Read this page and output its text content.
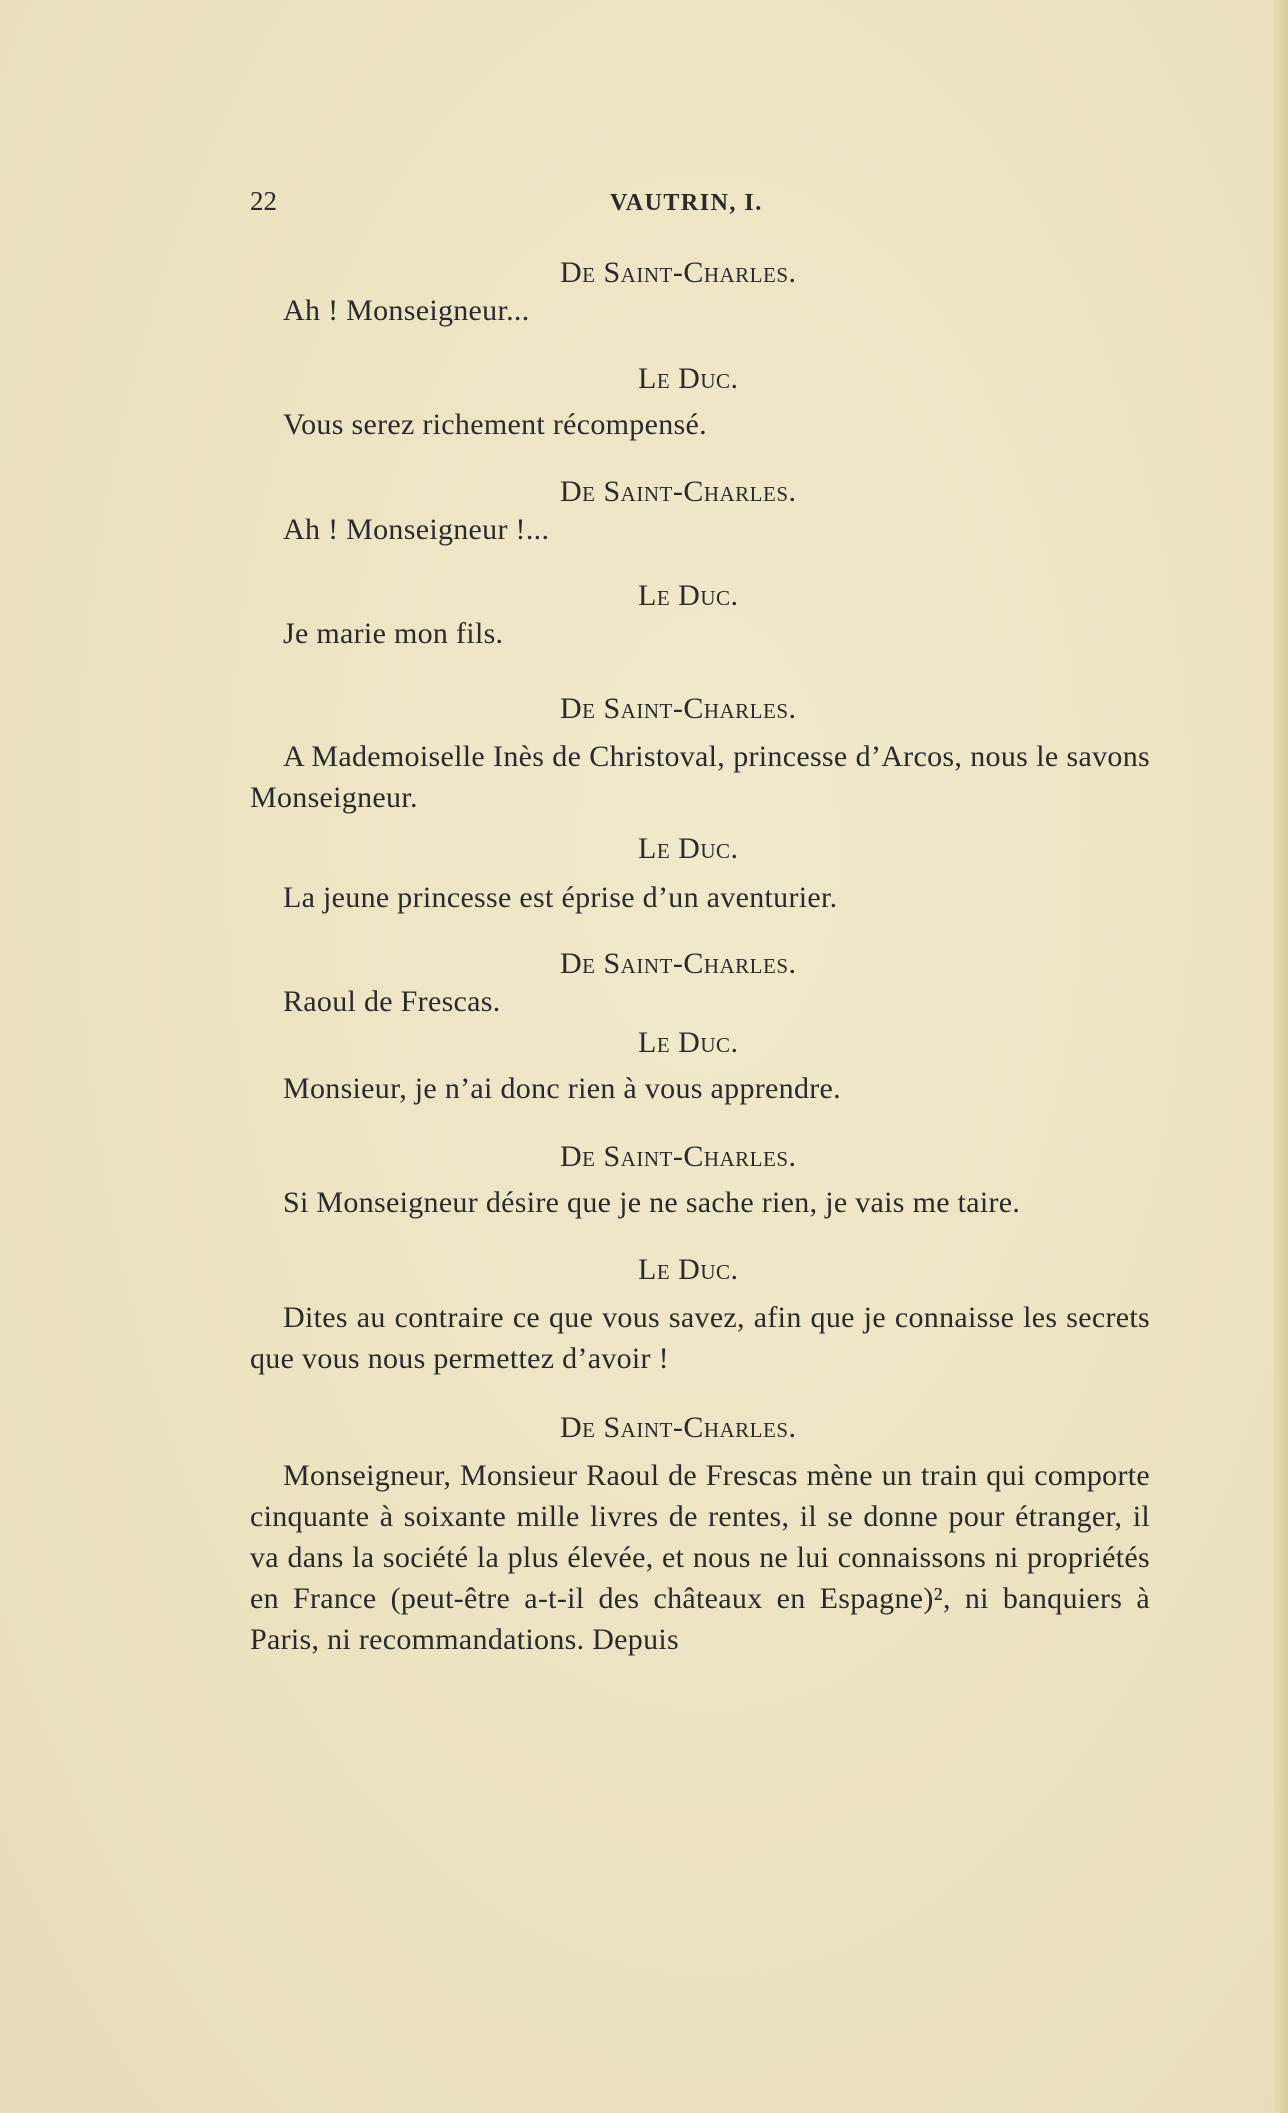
22	VAUTRIN, I.
De Saint-Charles.
Ah ! Monseigneur...
Le Duc.
Vous serez richement récompensé.
De Saint-Charles.
Ah ! Monseigneur !...
Le Duc.
Je marie mon fils.
De Saint-Charles.
A Mademoiselle Inès de Christoval, princesse d’Arcos, nous le savons Monseigneur.
Le Duc.
La jeune princesse est éprise d’un aventurier.
De Saint-Charles.
Raoul de Frescas.
Le Duc.
Monsieur, je n’ai donc rien à vous apprendre.
De Saint-Charles.
Si Monseigneur désire que je ne sache rien, je vais me taire.
Le Duc.
Dites au contraire ce que vous savez, afin que je connaisse les secrets que vous nous permettez d’avoir !
De Saint-Charles.
Monseigneur, Monsieur Raoul de Frescas mène un train qui comporte cinquante à soixante mille livres de rentes, il se donne pour étranger, il va dans la société la plus élevée, et nous ne lui connaissons ni propriétés en France (peut-être a-t-il des châteaux en Espagne)², ni banquiers à Paris, ni recommandations. Depuis
